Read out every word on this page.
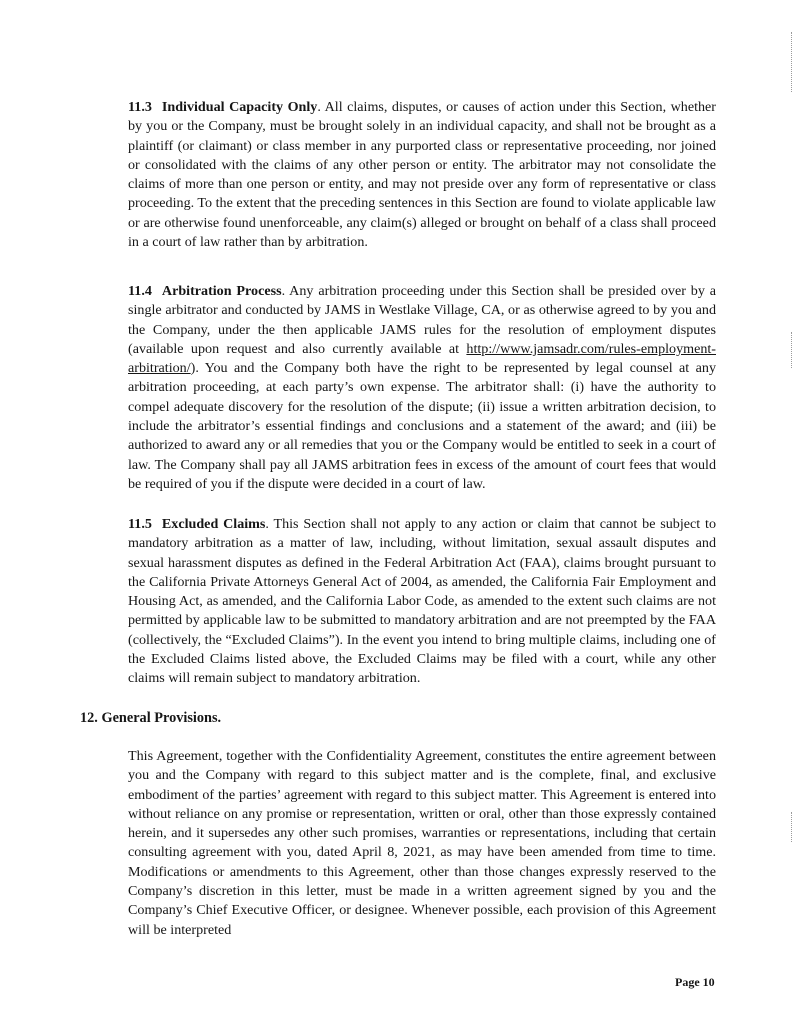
11.3 Individual Capacity Only. All claims, disputes, or causes of action under this Section, whether by you or the Company, must be brought solely in an individual capacity, and shall not be brought as a plaintiff (or claimant) or class member in any purported class or representative proceeding, nor joined or consolidated with the claims of any other person or entity. The arbitrator may not consolidate the claims of more than one person or entity, and may not preside over any form of representative or class proceeding. To the extent that the preceding sentences in this Section are found to violate applicable law or are otherwise found unenforceable, any claim(s) alleged or brought on behalf of a class shall proceed in a court of law rather than by arbitration.

11.4 Arbitration Process. Any arbitration proceeding under this Section shall be presided over by a single arbitrator and conducted by JAMS in Westlake Village, CA, or as otherwise agreed to by you and the Company, under the then applicable JAMS rules for the resolution of employment disputes (available upon request and also currently available at http://www.jamsadr.com/rules-employment-arbitration/). You and the Company both have the right to be represented by legal counsel at any arbitration proceeding, at each party’s own expense. The arbitrator shall: (i) have the authority to compel adequate discovery for the resolution of the dispute; (ii) issue a written arbitration decision, to include the arbitrator’s essential findings and conclusions and a statement of the award; and (iii) be authorized to award any or all remedies that you or the Company would be entitled to seek in a court of law. The Company shall pay all JAMS arbitration fees in excess of the amount of court fees that would be required of you if the dispute were decided in a court of law.

11.5 Excluded Claims. This Section shall not apply to any action or claim that cannot be subject to mandatory arbitration as a matter of law, including, without limitation, sexual assault disputes and sexual harassment disputes as defined in the Federal Arbitration Act (FAA), claims brought pursuant to the California Private Attorneys General Act of 2004, as amended, the California Fair Employment and Housing Act, as amended, and the California Labor Code, as amended to the extent such claims are not permitted by applicable law to be submitted to mandatory arbitration and are not preempted by the FAA (collectively, the “Excluded Claims”). In the event you intend to bring multiple claims, including one of the Excluded Claims listed above, the Excluded Claims may be filed with a court, while any other claims will remain subject to mandatory arbitration.

12. General Provisions.

This Agreement, together with the Confidentiality Agreement, constitutes the entire agreement between you and the Company with regard to this subject matter and is the complete, final, and exclusive embodiment of the parties’ agreement with regard to this subject matter. This Agreement is entered into without reliance on any promise or representation, written or oral, other than those expressly contained herein, and it supersedes any other such promises, warranties or representations, including that certain consulting agreement with you, dated April 8, 2021, as may have been amended from time to time. Modifications or amendments to this Agreement, other than those changes expressly reserved to the Company’s discretion in this letter, must be made in a written agreement signed by you and the Company’s Chief Executive Officer, or designee. Whenever possible, each provision of this Agreement will be interpreted

Page 10
